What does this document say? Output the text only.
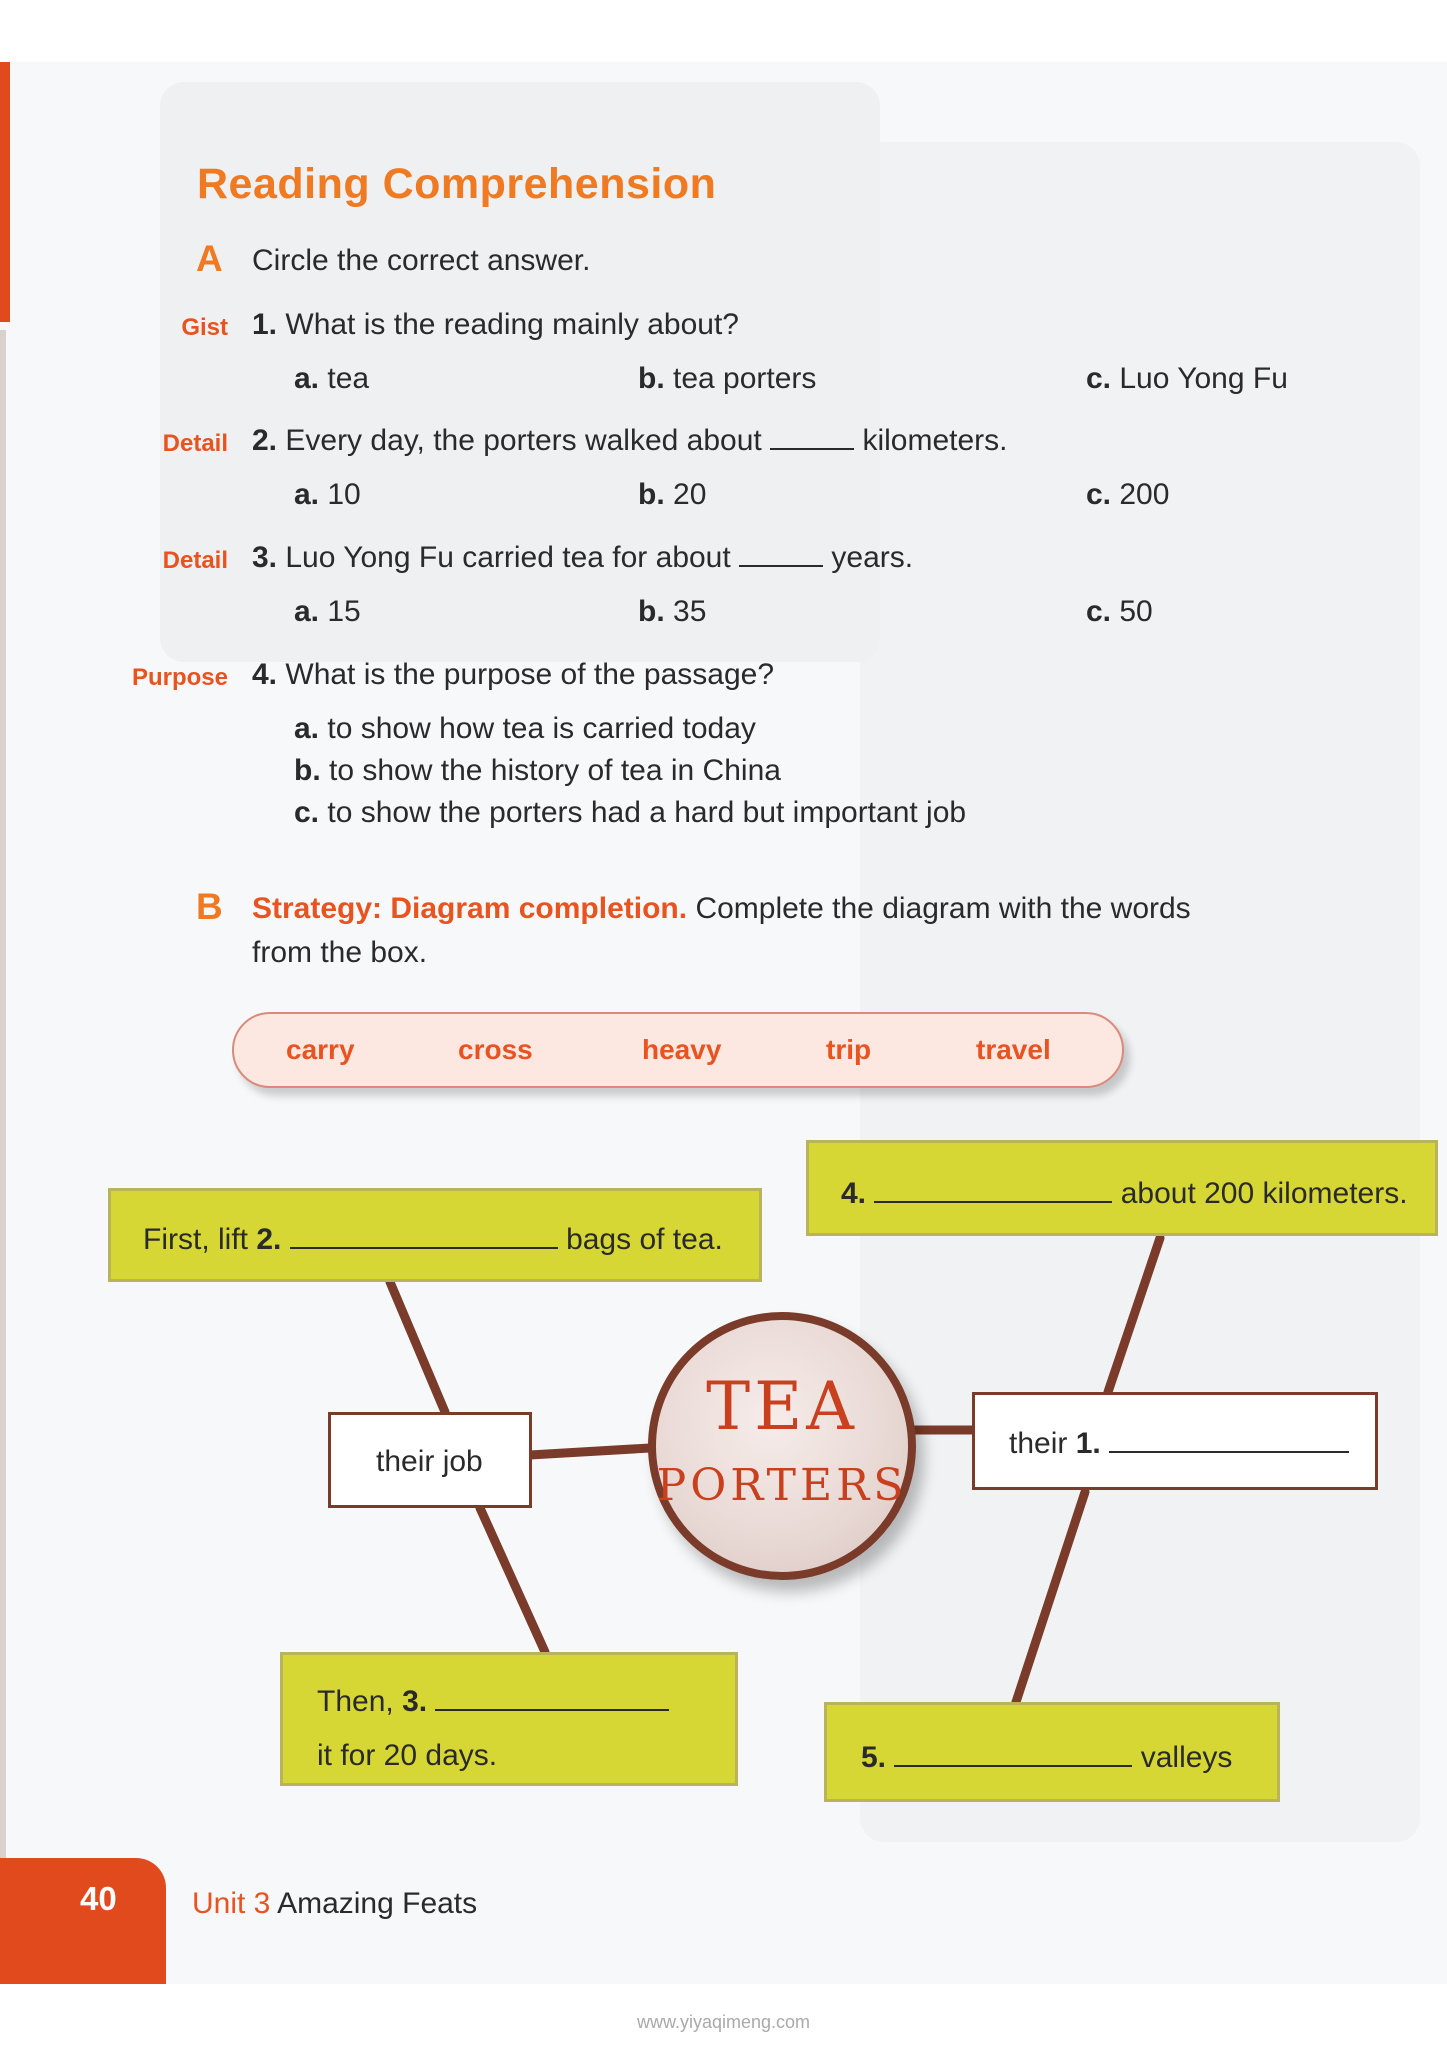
Reading Comprehension
A Circle the correct answer.
Gist 1. What is the reading mainly about?
a. tea	b. tea porters	c. Luo Yong Fu
Detail 2. Every day, the porters walked about	kilometers.
a. 10	b. 20	c. 200
Detail 3. Luo Yong Fu carried tea for about	years.
a. 15	b. 35	c. 50
Purpose 4. What is the purpose of the passage?
a. to show how tea is carried today
b. to show the history of tea in China
c. to show the porters had a hard but important job
B Strategy: Diagram completion. Complete the diagram with the words
from the box.
carry	cross	heavy	trip	travel
First, lift 2.	bags of tea.
4.	about 200 kilometers.
their job
TEA
PORTERS
their 1.
Then, 3.
it for 20 days.	5.	valleys
40	Unit 3 Amazing Feats
www.yiyaqimeng.com
